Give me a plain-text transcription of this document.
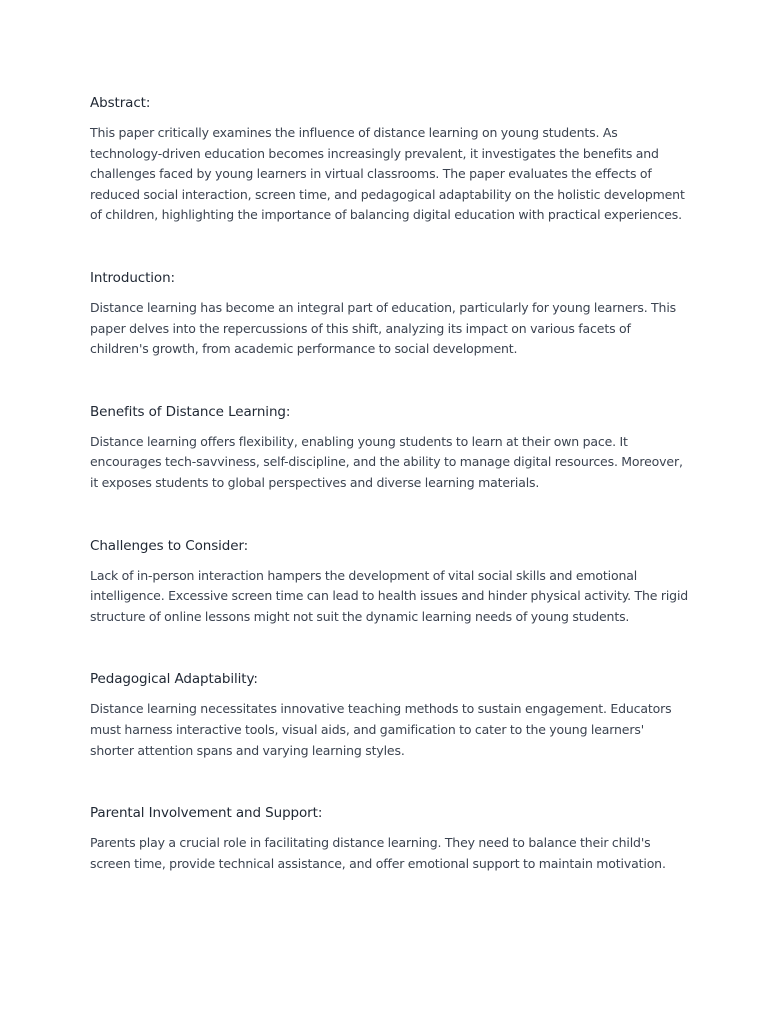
Abstract:

This paper critically examines the influence of distance learning on young students. As technology-driven education becomes increasingly prevalent, it investigates the benefits and challenges faced by young learners in virtual classrooms. The paper evaluates the effects of reduced social interaction, screen time, and pedagogical adaptability on the holistic development of children, highlighting the importance of balancing digital education with practical experiences.

Introduction:

Distance learning has become an integral part of education, particularly for young learners. This paper delves into the repercussions of this shift, analyzing its impact on various facets of children's growth, from academic performance to social development.

Benefits of Distance Learning:

Distance learning offers flexibility, enabling young students to learn at their own pace. It encourages tech-savviness, self-discipline, and the ability to manage digital resources. Moreover, it exposes students to global perspectives and diverse learning materials.

Challenges to Consider:

Lack of in-person interaction hampers the development of vital social skills and emotional intelligence. Excessive screen time can lead to health issues and hinder physical activity. The rigid structure of online lessons might not suit the dynamic learning needs of young students.

Pedagogical Adaptability:

Distance learning necessitates innovative teaching methods to sustain engagement. Educators must harness interactive tools, visual aids, and gamification to cater to the young learners' shorter attention spans and varying learning styles.

Parental Involvement and Support:

Parents play a crucial role in facilitating distance learning. They need to balance their child's screen time, provide technical assistance, and offer emotional support to maintain motivation.
